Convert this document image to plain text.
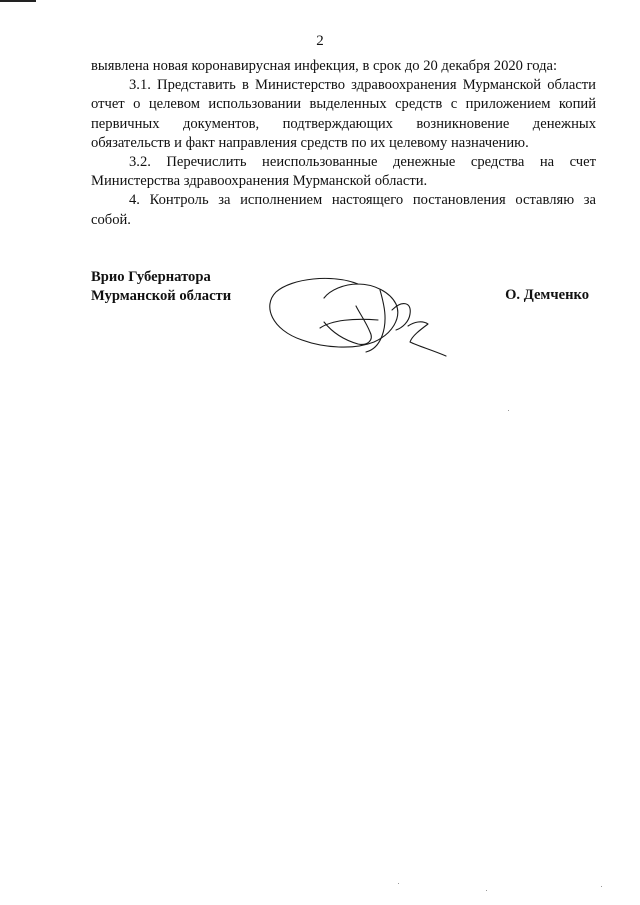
2

выявлена новая коронавирусная инфекция, в срок до 20 декабря 2020 года:

3.1. Представить в Министерство здравоохранения Мурманской области отчет о целевом использовании выделенных средств с приложением копий первичных документов, подтверждающих возникновение денежных обязательств и факт направления средств по их целевому назначению.

3.2. Перечислить неиспользованные денежные средства на счет Министерства здравоохранения Мурманской области.

4. Контроль за исполнением настоящего постановления оставляю за собой.

Врио Губернатора
Мурманской области	О. Демченко
